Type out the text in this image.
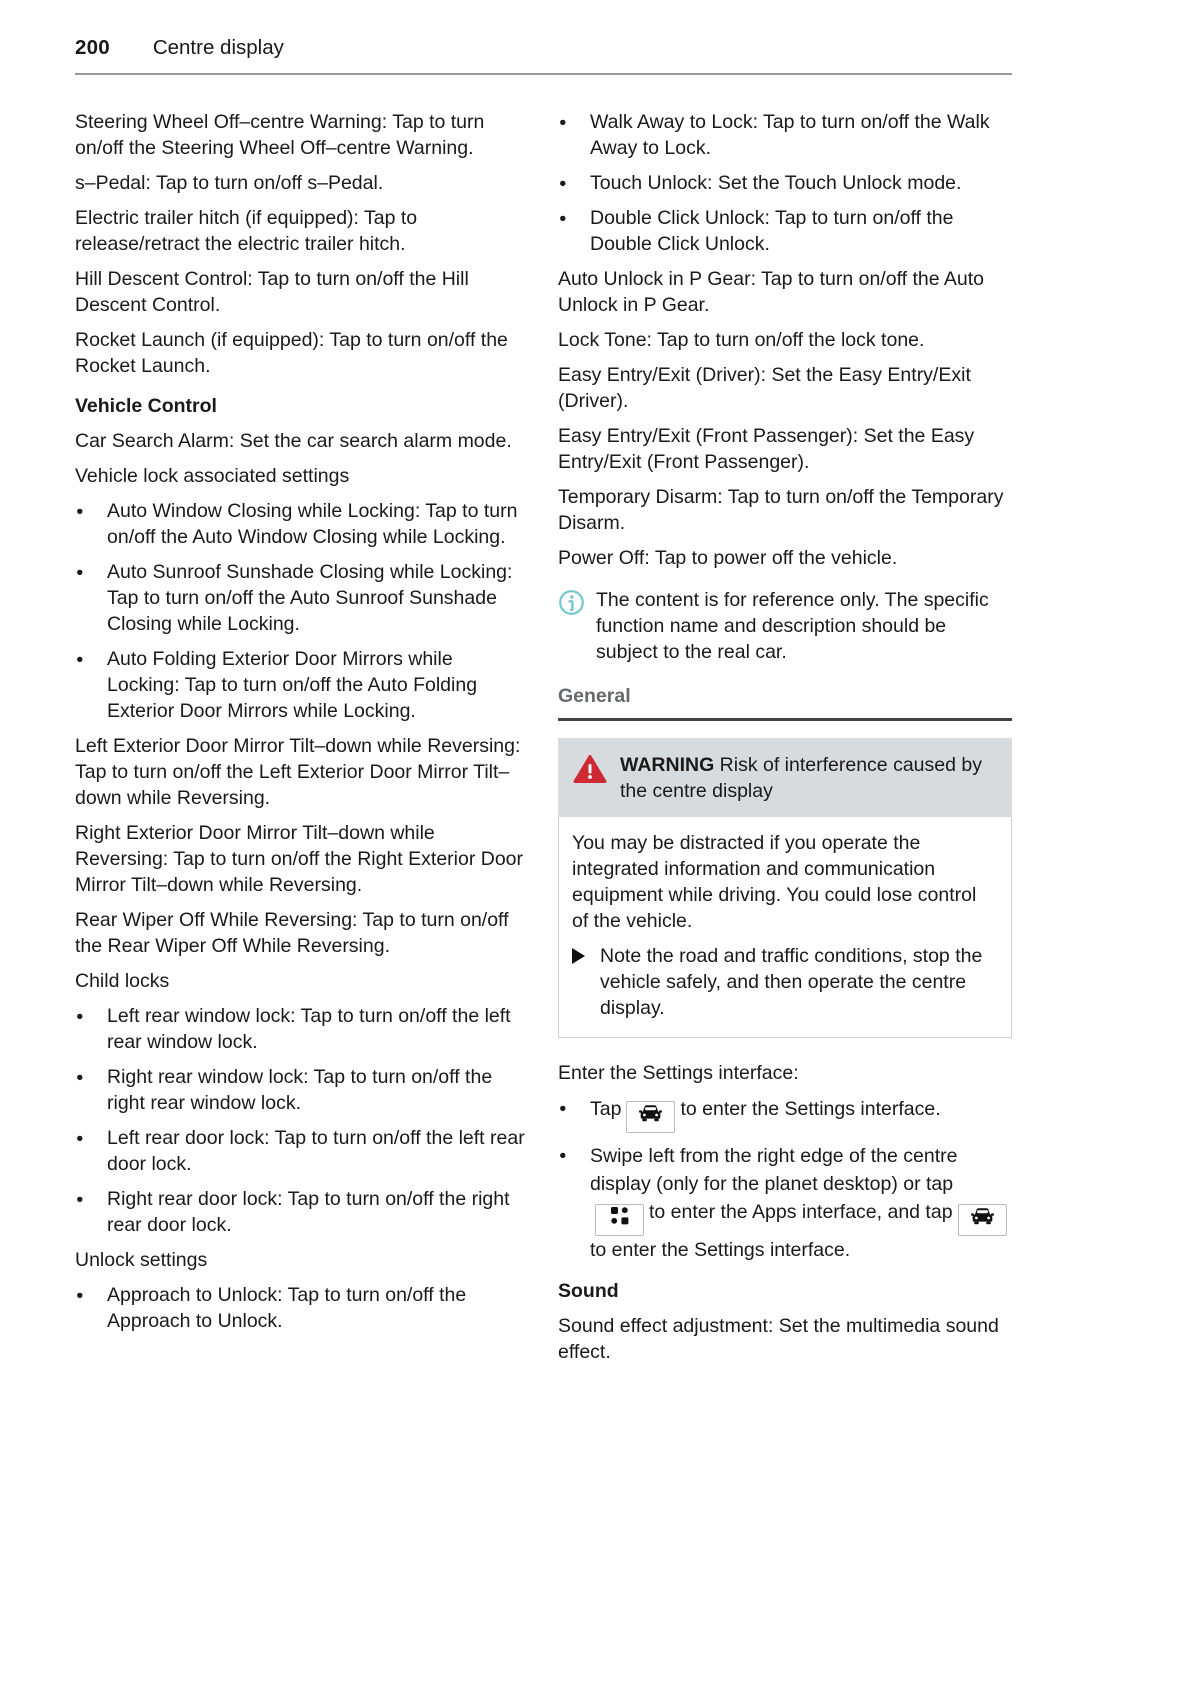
200 Centre display

Steering Wheel Off–centre Warning: Tap to turn on/off the Steering Wheel Off–centre Warning.

s–Pedal: Tap to turn on/off s–Pedal.

Electric trailer hitch (if equipped): Tap to release/retract the electric trailer hitch.

Hill Descent Control: Tap to turn on/off the Hill Descent Control.

Rocket Launch (if equipped): Tap to turn on/off the Rocket Launch.

Vehicle Control

Car Search Alarm: Set the car search alarm mode.

Vehicle lock associated settings

●	Auto Window Closing while Locking: Tap to turn on/off the Auto Window Closing while Locking.
●	Auto Sunroof Sunshade Closing while Locking: Tap to turn on/off the Auto Sunroof Sunshade Closing while Locking.
●	Auto Folding Exterior Door Mirrors while Locking: Tap to turn on/off the Auto Folding Exterior Door Mirrors while Locking.

Left Exterior Door Mirror Tilt–down while Reversing: Tap to turn on/off the Left Exterior Door Mirror Tilt–down while Reversing.

Right Exterior Door Mirror Tilt–down while Reversing: Tap to turn on/off the Right Exterior Door Mirror Tilt–down while Reversing.

Rear Wiper Off While Reversing: Tap to turn on/off the Rear Wiper Off While Reversing.

Child locks

●	Left rear window lock: Tap to turn on/off the left rear window lock.
●	Right rear window lock: Tap to turn on/off the right rear window lock.
●	Left rear door lock: Tap to turn on/off the left rear door lock.
●	Right rear door lock: Tap to turn on/off the right rear door lock.

Unlock settings

●	Approach to Unlock: Tap to turn on/off the Approach to Unlock.
●	Walk Away to Lock: Tap to turn on/off the Walk Away to Lock.
●	Touch Unlock: Set the Touch Unlock mode.
●	Double Click Unlock: Tap to turn on/off the Double Click Unlock.

Auto Unlock in P Gear: Tap to turn on/off the Auto Unlock in P Gear.

Lock Tone: Tap to turn on/off the lock tone.

Easy Entry/Exit (Driver): Set the Easy Entry/Exit (Driver).

Easy Entry/Exit (Front Passenger): Set the Easy Entry/Exit (Front Passenger).

Temporary Disarm: Tap to turn on/off the Temporary Disarm.

Power Off: Tap to power off the vehicle.

The content is for reference only. The specific function name and description should be subject to the real car.

General

WARNING Risk of interference caused by the centre display
You may be distracted if you operate the integrated information and communication equipment while driving. You could lose control of the vehicle.
Note the road and traffic conditions, stop the vehicle safely, and then operate the centre display.

Enter the Settings interface:

●	Tap	to enter the Settings interface.
●	Swipe left from the right edge of the centre display (only for the planet desktop) or tap
to enter the Apps interface, and tap
to enter the Settings interface.

Sound

Sound effect adjustment: Set the multimedia sound effect.
